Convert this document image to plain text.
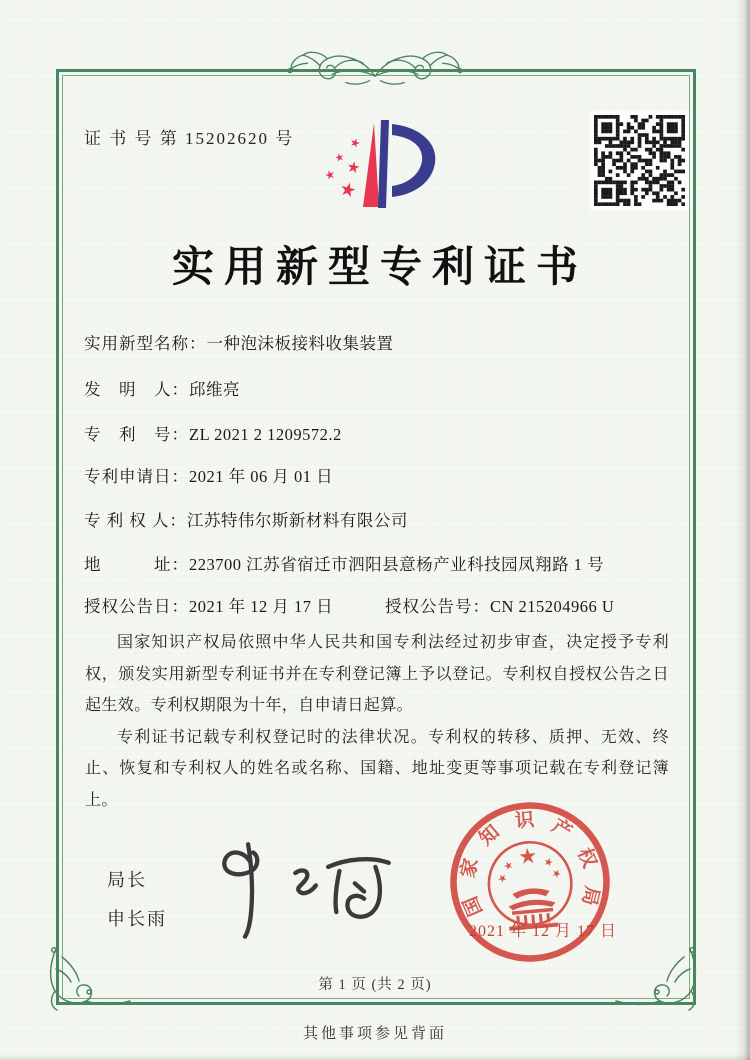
证 书 号 第 15202620 号
实用新型专利证书
实用新型名称：一种泡沫板接料收集装置
发　明　人：邱维亮
专　利　号：ZL 2021 2 1209572.2
专利申请日：2021 年 06 月 01 日
专 利 权 人：江苏特伟尔斯新材料有限公司
地　　　址：223700 江苏省宿迁市泗阳县意杨产业科技园凤翔路 1 号
授权公告日：2021 年 12 月 17 日	授权公告号：CN 215204966 U

国家知识产权局依照中华人民共和国专利法经过初步审查，决定授予专利权，颁发实用新型专利证书并在专利登记簿上予以登记。专利权自授权公告之日起生效。专利权期限为十年，自申请日起算。

专利证书记载专利权登记时的法律状况。专利权的转移、质押、无效、终止、恢复和专利权人的姓名或名称、国籍、地址变更等事项记载在专利登记簿上。

局长
申长雨
国
家
知
识 产
权
局
2021 年 12 月 17 日
第 1 页 (共 2 页)
其他事项参见背面
